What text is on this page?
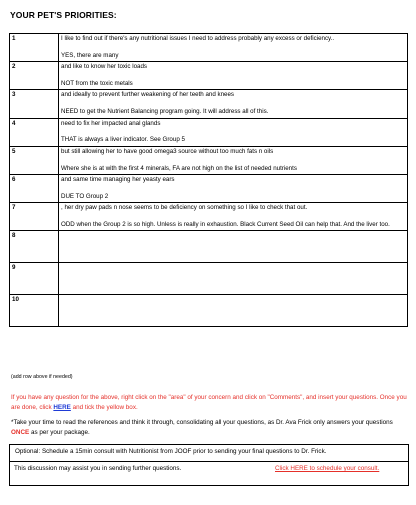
YOUR PET'S PRIORITIES:
1	I like to find out if there's any nutritional issues I need to address probably any excess or deficiency..
YES, there are many

2	and like to know her toxic loads
NOT from the toxic metals

3	and ideally to prevent further weakening of her teeth and knees
NEED to get the Nutrient Balancing program going. It will address all of this.

4	need to fix her impacted anal glands
THAT is always a liver indicator. See Group 5

5	but still allowing her to have good omega3 source without too much fats n oils
Where she is at with the first 4 minerals, FA are not high on the list of needed nutrients

6	and same time managing her yeasty ears
DUE TO Group 2

7	, her dry paw pads n nose seems to be deficiency on something so I like to check that out.
ODD when the Group 2 is so high. Unless is really in exhaustion. Black Current Seed Oil can help that. And the liver too.

8	

9	

10	
(add row above if needed)
If you have any question for the above, right click on the "area" of your concern and click on "Comments", and insert your questions. Once you are done, click HERE and tick the yellow box.
*Take your time to read the references and think it through, consolidating all your questions, as Dr. Ava Frick only answers your questions ONCE as per your package.
Optional: Schedule a 15min consult with Nutritionist from JOOF prior to sending your final questions to Dr. Frick.
This discussion may assist you in sending further questions.	Click HERE to schedule your consult.
